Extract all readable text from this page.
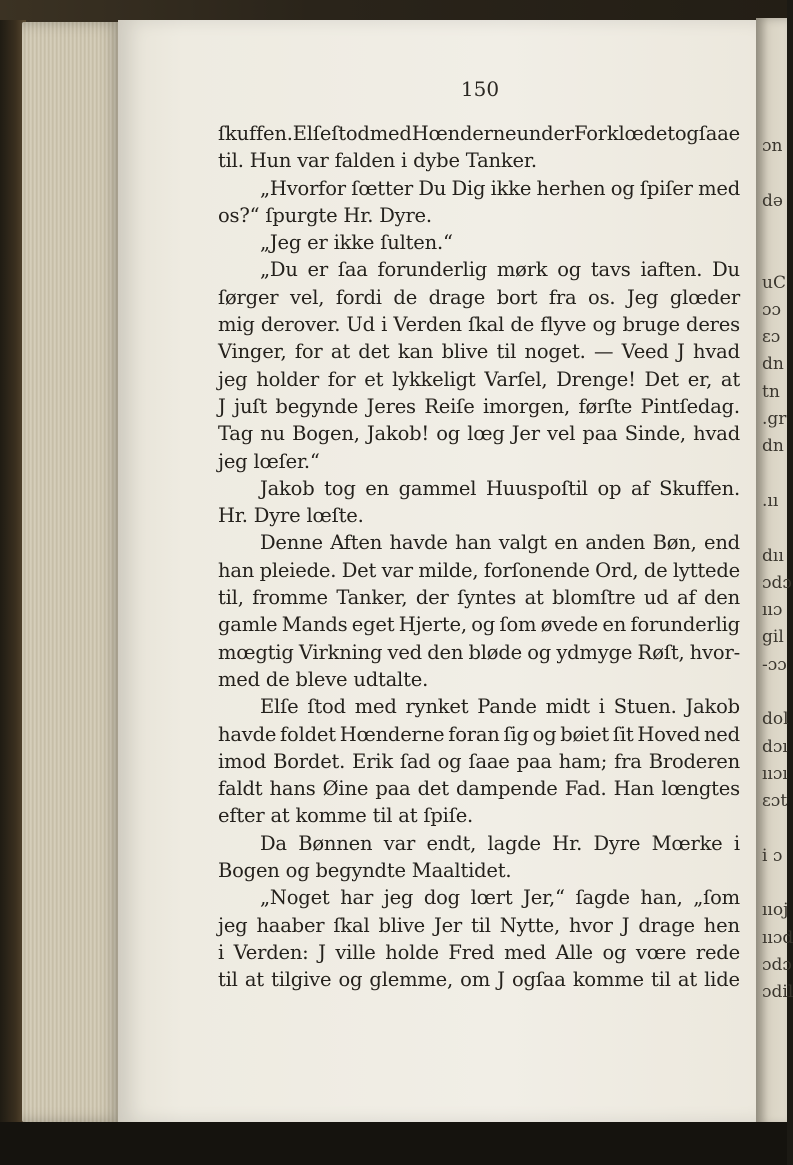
150
ſkuffen. Elſe ſtod med Hœnderne under Forklœdet og ſaae
til. Hun var falden i dybe Tanker.
„Hvorfor ſœtter Du Dig ikke herhen og ſpiſer med
os?“ ſpurgte Hr. Dyre.
„Jeg er ikke ſulten.“
„Du er ſaa forunderlig mørk og tavs iaften. Du
ſørger vel, fordi de drage bort fra os. Jeg glœder
mig derover. Ud i Verden ſkal de flyve og bruge deres
Vinger, for at det kan blive til noget. — Veed J hvad
jeg holder for et lykkeligt Varſel, Drenge! Det er, at
J juſt begynde Jeres Reiſe imorgen, førſte Pintſedag.
Tag nu Bogen, Jakob! og lœg Jer vel paa Sinde, hvad
jeg lœſer.“
Jakob tog en gammel Huuspoſtil op af Skuffen.
Hr. Dyre lœſte.
Denne Aften havde han valgt en anden Bøn, end
han pleiede. Det var milde, forſonende Ord, de lyttede
til, fromme Tanker, der ſyntes at blomſtre ud af den
gamle Mands eget Hjerte, og ſom øvede en forunderlig
mœgtig Virkning ved den bløde og ydmyge Røſt, hvor-
med de bleve udtalte.
Elſe ſtod med rynket Pande midt i Stuen. Jakob
havde foldet Hœnderne foran ſig og bøiet ſit Hoved ned
imod Bordet. Erik ſad og ſaae paa ham; fra Broderen
faldt hans Øine paa det dampende Fad. Han lœngtes
efter at komme til at ſpiſe.
Da Bønnen var endt, lagde Hr. Dyre Mœrke i
Bogen og begyndte Maaltidet.
„Noget har jeg dog lœrt Jer,“ ſagde han, „ſom
jeg haaber ſkal blive Jer til Nytte, hvor J drage hen
i Verden: J ville holde Fred med Alle og vœre rede
til at tilgive og glemme, om J ogſaa komme til at lide
ɔn
də
uC
ɔɔ
ɛɔ
dn
tn
.gr
dn
.ıı
dıı
ɔdɔ
ııɔ
gil
-ɔɔ
dol
dɔı
ııɔı
ɛɔt
i ɔ
ııoj
ııɔd
ɔdɔ
ɔdil
